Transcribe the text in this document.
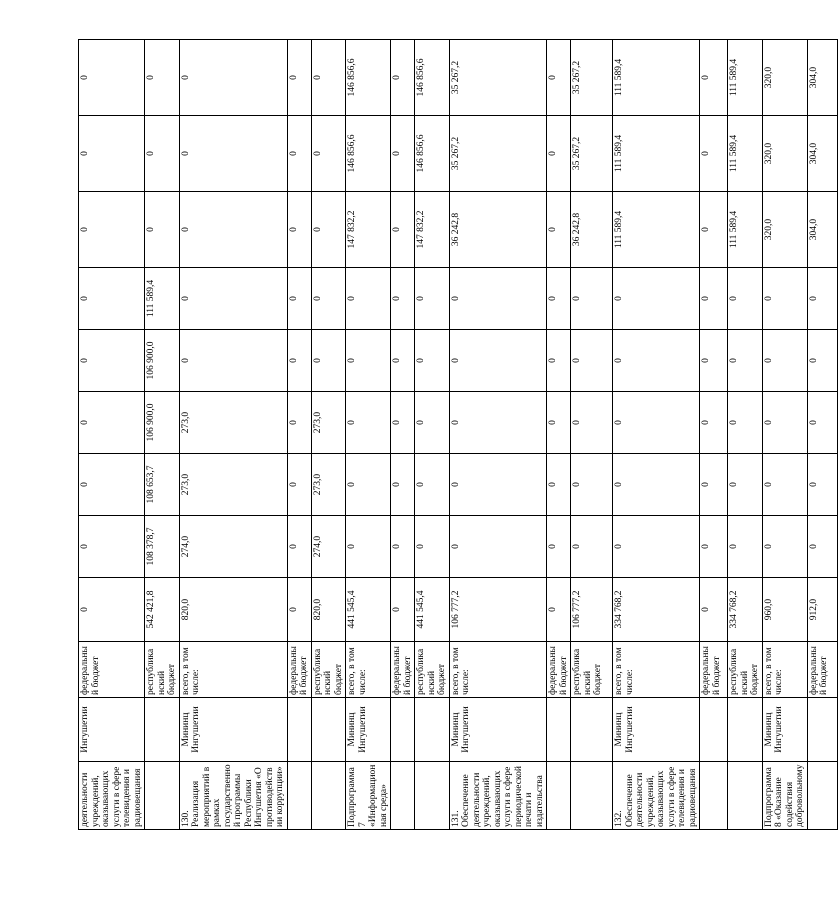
деятельности учреждений, оказывающих услуги в сфере телевидения и радиовещания	Ингушетии	федеральный бюджет	0	0	0	0	0	0	0	0	0
		республиканский бюджет	542 421,8	108 378,7	108 653,7	106 900,0	106 900,0	111 589,4	0	0	0
130. Реализация мероприятий в рамках государственной программы Республики Ингушетия «О противодействии коррупции»	Мининц Ингушетии	всего, в том числе:	820,0	274,0	273,0	273,0	0	0	0	0	0
		федеральный бюджет	0	0	0	0	0	0	0	0	0
		республиканский бюджет	820,0	274,0	273,0	273,0	0	0	0	0	0
Подпрограмма 7 «Информационная среда»	Мининц Ингушетии	всего, в том числе:	441 545,4	0	0	0	0	0	147 832,2	146 856,6	146 856,6
		федеральный бюджет	0	0	0	0	0	0	0	0	0
		республиканский бюджет	441 545,4	0	0	0	0	0	147 832,2	146 856,6	146 856,6
131. Обеспечение деятельности учреждений, оказывающих услуги в сфере периодической печати и издательства	Мининц Ингушетии	всего, в том числе:	106 777,2	0	0	0	0	0	36 242,8	35 267,2	35 267,2
		федеральный бюджет	0	0	0	0	0	0	0	0	0
		республиканский бюджет	106 777,2	0	0	0	0	0	36 242,8	35 267,2	35 267,2
132. Обеспечение деятельности учреждений, оказывающих услуги в сфере телевидения и радиовещания	Мининц Ингушетии	всего, в том числе:	334 768,2	0	0	0	0	0	111 589,4	111 589,4	111 589,4
		федеральный бюджет	0	0	0	0	0	0	0	0	0
		республиканский бюджет	334 768,2	0	0	0	0	0	111 589,4	111 589,4	111 589,4
Подпрограмма 8 «Оказание содействия добровольному	Мининц Ингушетии	всего, в том числе:	960,0	0	0	0	0	0	320,0	320,0	320,0
		федеральный бюджет	912,0	0	0	0	0	0	304,0	304,0	304,0
